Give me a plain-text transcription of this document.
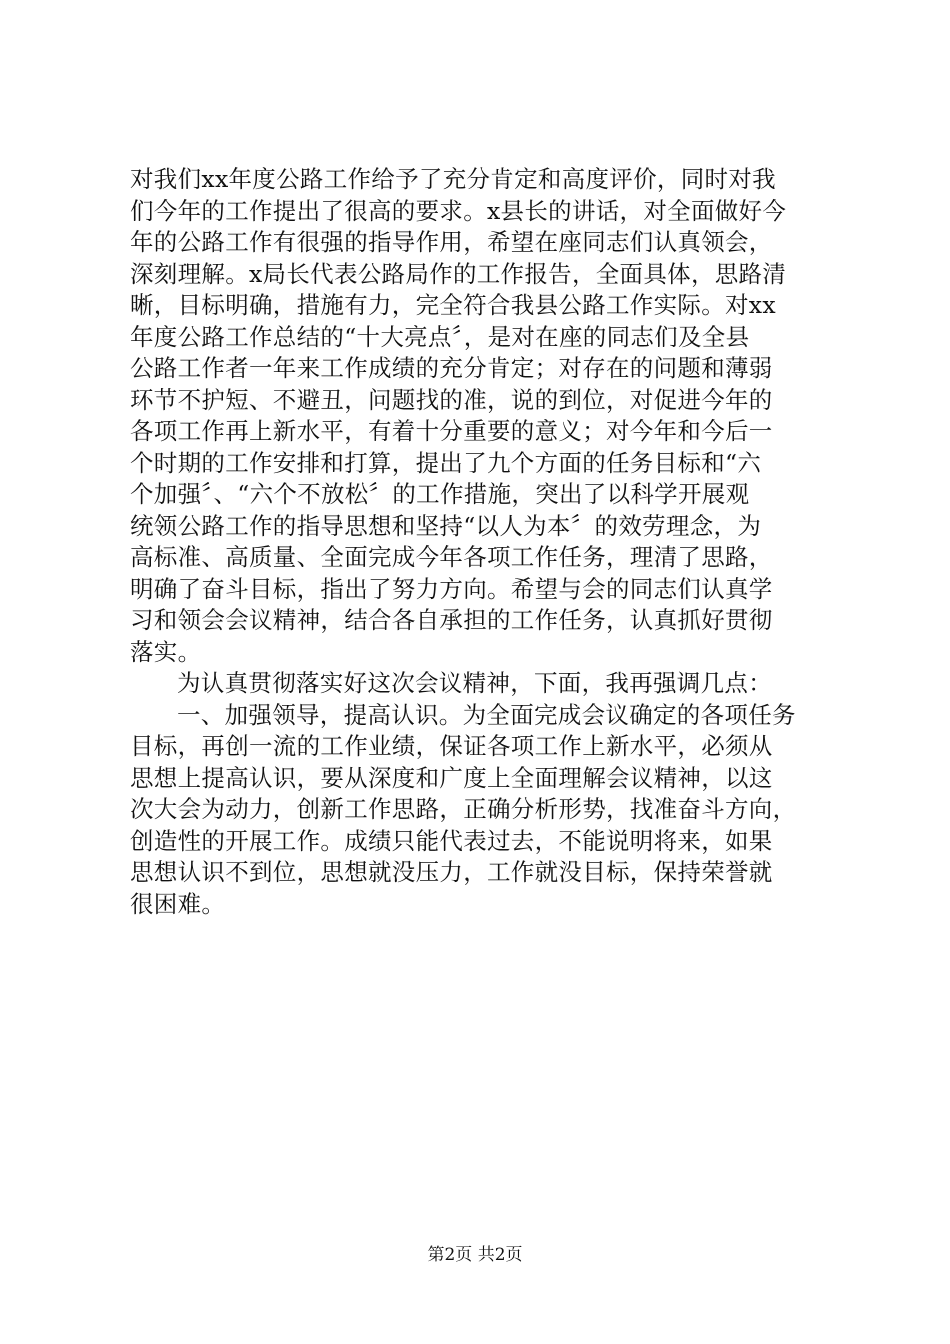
对我们xx年度公路工作给予了充分肯定和高度评价，同时对我
们今年的工作提出了很高的要求。x县长的讲话，对全面做好今
年的公路工作有很强的指导作用，希望在座同志们认真领会，
深刻理解。x局长代表公路局作的工作报告，全面具体，思路清
晰，目标明确，措施有力，完全符合我县公路工作实际。对xx
年度公路工作总结的“十大亮点〞，是对在座的同志们及全县
公路工作者一年来工作成绩的充分肯定；对存在的问题和薄弱
环节不护短、不避丑，问题找的准，说的到位，对促进今年的
各项工作再上新水平，有着十分重要的意义；对今年和今后一
个时期的工作安排和打算，提出了九个方面的任务目标和“六
个加强〞、“六个不放松〞的工作措施，突出了以科学开展观
统领公路工作的指导思想和坚持“以人为本〞的效劳理念，为
高标准、高质量、全面完成今年各项工作任务，理清了思路，
明确了奋斗目标，指出了努力方向。希望与会的同志们认真学
习和领会会议精神，结合各自承担的工作任务，认真抓好贯彻
落实。
为认真贯彻落实好这次会议精神，下面，我再强调几点：
一、加强领导，提高认识。为全面完成会议确定的各项任务
目标，再创一流的工作业绩，保证各项工作上新水平，必须从
思想上提高认识，要从深度和广度上全面理解会议精神，以这
次大会为动力，创新工作思路，正确分析形势，找准奋斗方向，
创造性的开展工作。成绩只能代表过去，不能说明将来，如果
思想认识不到位，思想就没压力，工作就没目标，保持荣誉就
很困难。
第2页 共2页
